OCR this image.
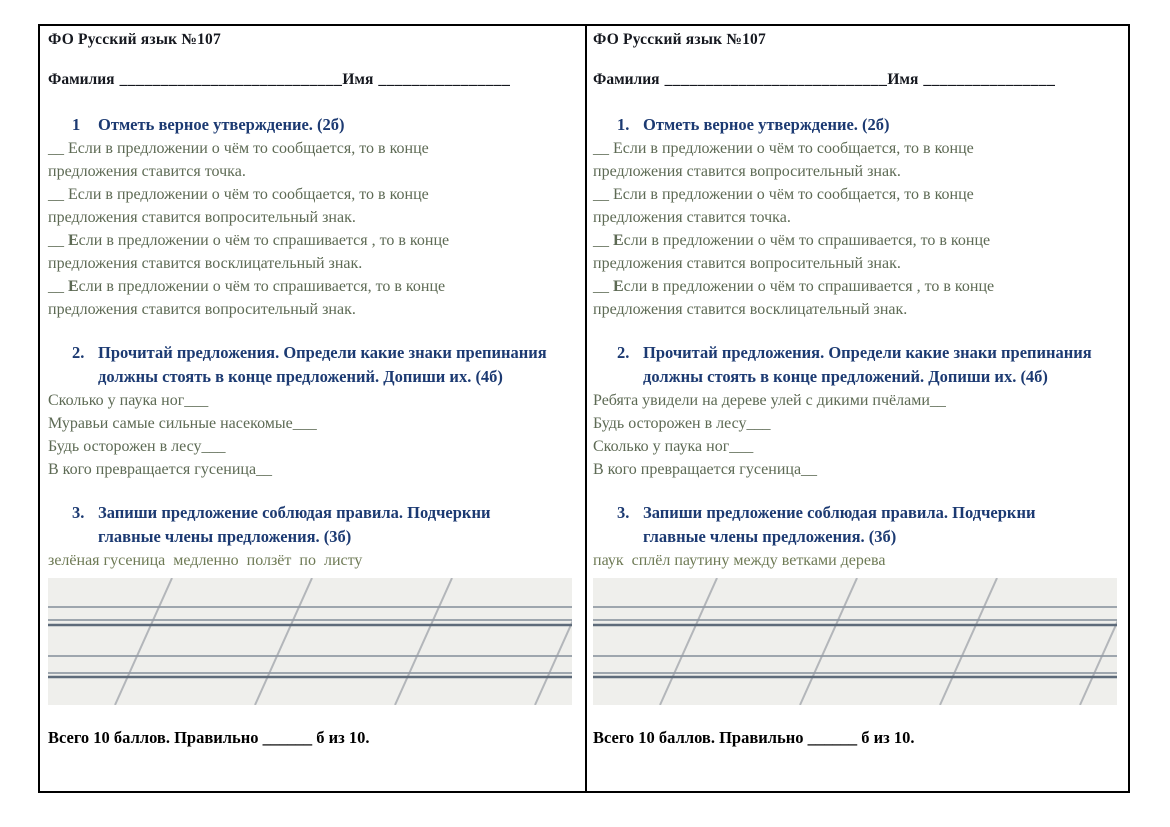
ФО Русский язык №107
Фамилия ___________________________Имя ________________
1	Отметь верное утверждение. (2б)
__ Если в предложении о чём то сообщается, то в конце
предложения ставится точка.
__ Если в предложении о чём то сообщается, то в конце
предложения ставится вопросительный знак.
__ Если в предложении о чём то спрашивается , то в конце
предложения ставится восклицательный знак.
__ Если в предложении о чём то спрашивается, то в конце
предложения ставится вопросительный знак.
2. Прочитай предложения. Определи какие знаки препинания
должны стоять в конце предложений. Допиши их. (4б)
Сколько у паука ног___
Муравьи самые сильные насекомые___
Будь осторожен в лесу___
В кого превращается гусеница__
3. Запиши предложение соблюдая правила. Подчеркни
главные члены предложения. (3б)
зелёная гусеница  медленно  ползёт  по  листу
Всего 10 баллов. Правильно ______ б из 10.
ФО Русский язык №107
Фамилия ___________________________Имя ________________
1. Отметь верное утверждение. (2б)
__ Если в предложении о чём то сообщается, то в конце
предложения ставится вопросительный знак.
__ Если в предложении о чём то сообщается, то в конце
предложения ставится точка.
__ Если в предложении о чём то спрашивается, то в конце
предложения ставится вопросительный знак.
__ Если в предложении о чём то спрашивается , то в конце
предложения ставится восклицательный знак.
2. Прочитай предложения. Определи какие знаки препинания
должны стоять в конце предложений. Допиши их. (4б)
Ребята увидели на дереве улей с дикими пчёлами__
Будь осторожен в лесу___
Сколько у паука ног___
В кого превращается гусеница__
3. Запиши предложение соблюдая правила. Подчеркни
главные члены предложения. (3б)
паук  сплёл паутину между ветками дерева
Всего 10 баллов. Правильно ______ б из 10.
